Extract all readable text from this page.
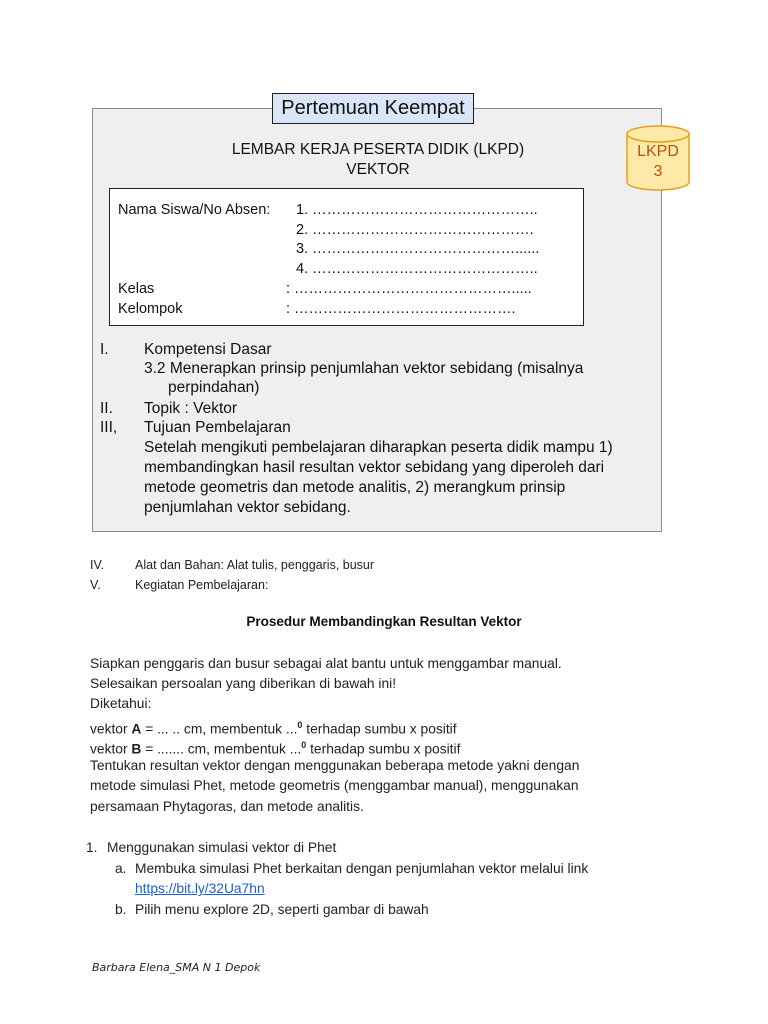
Pertemuan Keempat
LKPD
3
LEMBAR KERJA PESERTA DIDIK (LKPD)
VEKTOR
Nama Siswa/No Absen: 1. ………………………………………..
2. ……………………………………….
3. ……………………………………......
4. ………………………………………..
Kelas	: ……………………………………….....
Kelompok	: ……………………………………….
I. Kompetensi Dasar
3.2 Menerapkan prinsip penjumlahan vektor sebidang (misalnya
perpindahan)
II. Topik : Vektor
III, Tujuan Pembelajaran
Setelah mengikuti pembelajaran diharapkan peserta didik mampu 1)
membandingkan hasil resultan vektor sebidang yang diperoleh dari
metode geometris dan metode analitis, 2) merangkum prinsip
penjumlahan vektor sebidang.
IV. Alat dan Bahan: Alat tulis, penggaris, busur
V.	Kegiatan Pembelajaran:
Prosedur Membandingkan Resultan Vektor
Siapkan penggaris dan busur sebagai alat bantu untuk menggambar manual.
Selesaikan persoalan yang diberikan di bawah ini!
Diketahui:
vektor A = ... .. cm, membentuk ...$^0$ terhadap sumbu x positif
vektor B = ....... cm, membentuk ...$^0$ terhadap sumbu x positif
Tentukan resultan vektor dengan menggunakan beberapa metode yakni dengan
metode simulasi Phet, metode geometris (menggambar manual), menggunakan
persamaan Phytagoras, dan metode analitis.
1. Menggunakan simulasi vektor di Phet
a. Membuka simulasi Phet berkaitan dengan penjumlahan vektor melalui link
https://bit.ly/32Ua7hn
b. Pilih menu explore 2D, seperti gambar di bawah
Barbara Elena_SMA N 1 Depok
